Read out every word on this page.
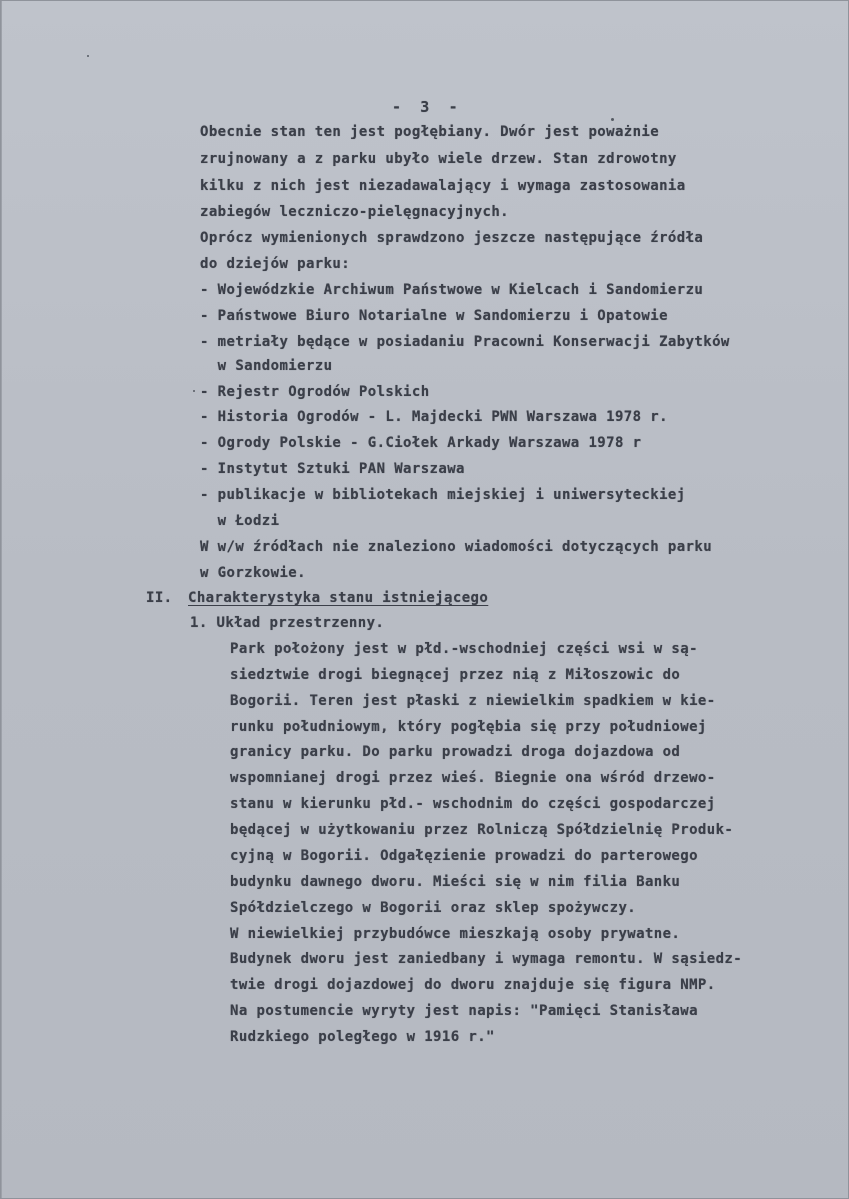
-  3  -
Obecnie stan ten jest pogłębiany. Dwór jest poważnie
zrujnowany a z parku ubyło wiele drzew. Stan zdrowotny
kilku z nich jest niezadawalający i wymaga zastosowania
zabiegów leczniczo-pielęgnacyjnych.
Oprócz wymienionych sprawdzono jeszcze następujące źródła
do dziejów parku:
- Wojewódzkie Archiwum Państwowe w Kielcach i Sandomierzu
- Państwowe Biuro Notarialne w Sandomierzu i Opatowie
- metriały będące w posiadaniu Pracowni Konserwacji Zabytków
w Sandomierzu
- Rejestr Ogrodów Polskich
- Historia Ogrodów - L. Majdecki PWN Warszawa 1978 r.
- Ogrody Polskie - G.Ciołek Arkady Warszawa 1978 r
- Instytut Sztuki PAN Warszawa
- publikacje w bibliotekach miejskiej i uniwersyteckiej
w Łodzi
W w/w źródłach nie znaleziono wiadomości dotyczących parku
w Gorzkowie.
II. Charakterystyka stanu istniejącego
1. Układ przestrzenny.
Park położony jest w płd.-wschodniej części wsi w są-
siedztwie drogi biegnącej przez nią z Miłoszowic do
Bogorii. Teren jest płaski z niewielkim spadkiem w kie-
runku południowym, który pogłębia się przy południowej
granicy parku. Do parku prowadzi droga dojazdowa od
wspomnianej drogi przez wieś. Biegnie ona wśród drzewo-
stanu w kierunku płd.- wschodnim do części gospodarczej
będącej w użytkowaniu przez Rolniczą Spółdzielnię Produk-
cyjną w Bogorii. Odgałęzienie prowadzi do parterowego
budynku dawnego dworu. Mieści się w nim filia Banku
Spółdzielczego w Bogorii oraz sklep spożywczy.
W niewielkiej przybudówce mieszkają osoby prywatne.
Budynek dworu jest zaniedbany i wymaga remontu. W sąsiedz-
twie drogi dojazdowej do dworu znajduje się figura NMP.
Na postumencie wyryty jest napis: "Pamięci Stanisława
Rudzkiego poległego w 1916 r."
